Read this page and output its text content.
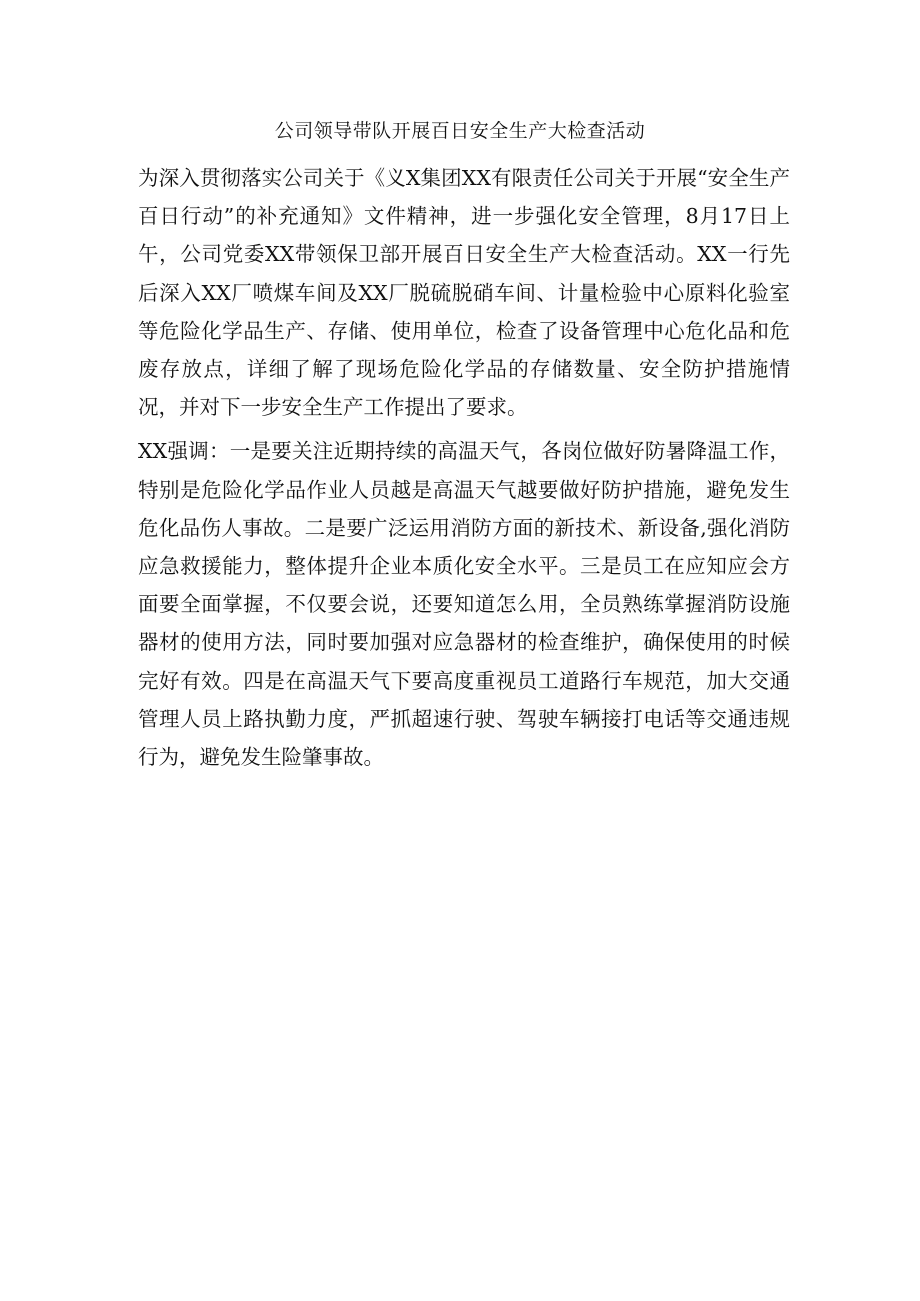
公司领导带队开展百日安全生产大检查活动

为深入贯彻落实公司关于《义X集团XX有限责任公司关于开展“安全生产百日行动”的补充通知》文件精神，进一步强化安全管理，8月17日上午，公司党委XX带领保卫部开展百日安全生产大检查活动。XX一行先后深入XX厂喷煤车间及XX厂脱硫脱硝车间、计量检验中心原料化验室等危险化学品生产、存储、使用单位，检查了设备管理中心危化品和危废存放点，详细了解了现场危险化学品的存储数量、安全防护措施情况，并对下一步安全生产工作提出了要求。

XX强调：一是要关注近期持续的高温天气，各岗位做好防暑降温工作，特别是危险化学品作业人员越是高温天气越要做好防护措施，避免发生危化品伤人事故。二是要广泛运用消防方面的新技术、新设备,强化消防应急救援能力，整体提升企业本质化安全水平。三是员工在应知应会方面要全面掌握，不仅要会说，还要知道怎么用，全员熟练掌握消防设施器材的使用方法，同时要加强对应急器材的检查维护，确保使用的时候完好有效。四是在高温天气下要高度重视员工道路行车规范，加大交通管理人员上路执勤力度，严抓超速行驶、驾驶车辆接打电话等交通违规行为，避免发生险肇事故。
